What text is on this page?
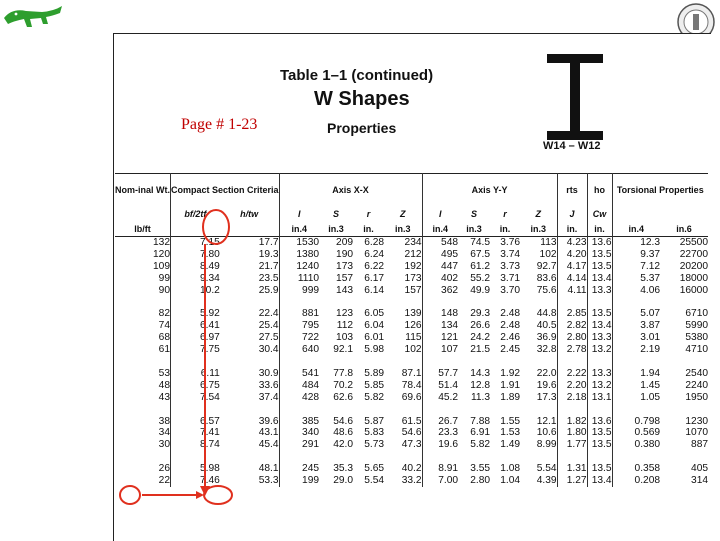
Table 1–1 (continued)
W Shapes
Properties
Page # 1-23
W14 – W12
Nom-inal Wt.	Compact Section Criteria		Axis X-X				Axis Y-Y				rts	ho	Torsional Properties	
	bf/2tf	h/tw	I	S	r	Z	I	S	r	Z	J	Cw		
lb/ft			in.4	in.3	in.	in.3	in.4	in.3	in.	in.3	in.	in.	in.4	in.6
132	7.15	17.7	1530	209	6.28	234	548	74.5	3.76	113	4.23	13.6	12.3	25500
120	7.80	19.3	1380	190	6.24	212	495	67.5	3.74	102	4.20	13.5	9.37	22700
109	8.49	21.7	1240	173	6.22	192	447	61.2	3.73	92.7	4.17	13.5	7.12	20200
99	9.34	23.5	1110	157	6.17	173	402	55.2	3.71	83.6	4.14	13.4	5.37	18000
90	10.2	25.9	999	143	6.14	157	362	49.9	3.70	75.6	4.11	13.3	4.06	16000

82	5.92	22.4	881	123	6.05	139	148	29.3	2.48	44.8	2.85	13.5	5.07	6710
74	6.41	25.4	795	112	6.04	126	134	26.6	2.48	40.5	2.82	13.4	3.87	5990
68	6.97	27.5	722	103	6.01	115	121	24.2	2.46	36.9	2.80	13.3	3.01	5380
61	7.75	30.4	640	92.1	5.98	102	107	21.5	2.45	32.8	2.78	13.2	2.19	4710

53	6.11	30.9	541	77.8	5.89	87.1	57.7	14.3	1.92	22.0	2.22	13.3	1.94	2540
48	6.75	33.6	484	70.2	5.85	78.4	51.4	12.8	1.91	19.6	2.20	13.2	1.45	2240
43	7.54	37.4	428	62.6	5.82	69.6	45.2	11.3	1.89	17.3	2.18	13.1	1.05	1950

38	6.57	39.6	385	54.6	5.87	61.5	26.7	7.88	1.55	12.1	1.82	13.6	0.798	1230
34	7.41	43.1	340	48.6	5.83	54.6	23.3	6.91	1.53	10.6	1.80	13.5	0.569	1070
30	8.74	45.4	291	42.0	5.73	47.3	19.6	5.82	1.49	8.99	1.77	13.5	0.380	887

26	5.98	48.1	245	35.3	5.65	40.2	8.91	3.55	1.08	5.54	1.31	13.5	0.358	405
22	7.46	53.3	199	29.0	5.54	33.2	7.00	2.80	1.04	4.39	1.27	13.4	0.208	314
